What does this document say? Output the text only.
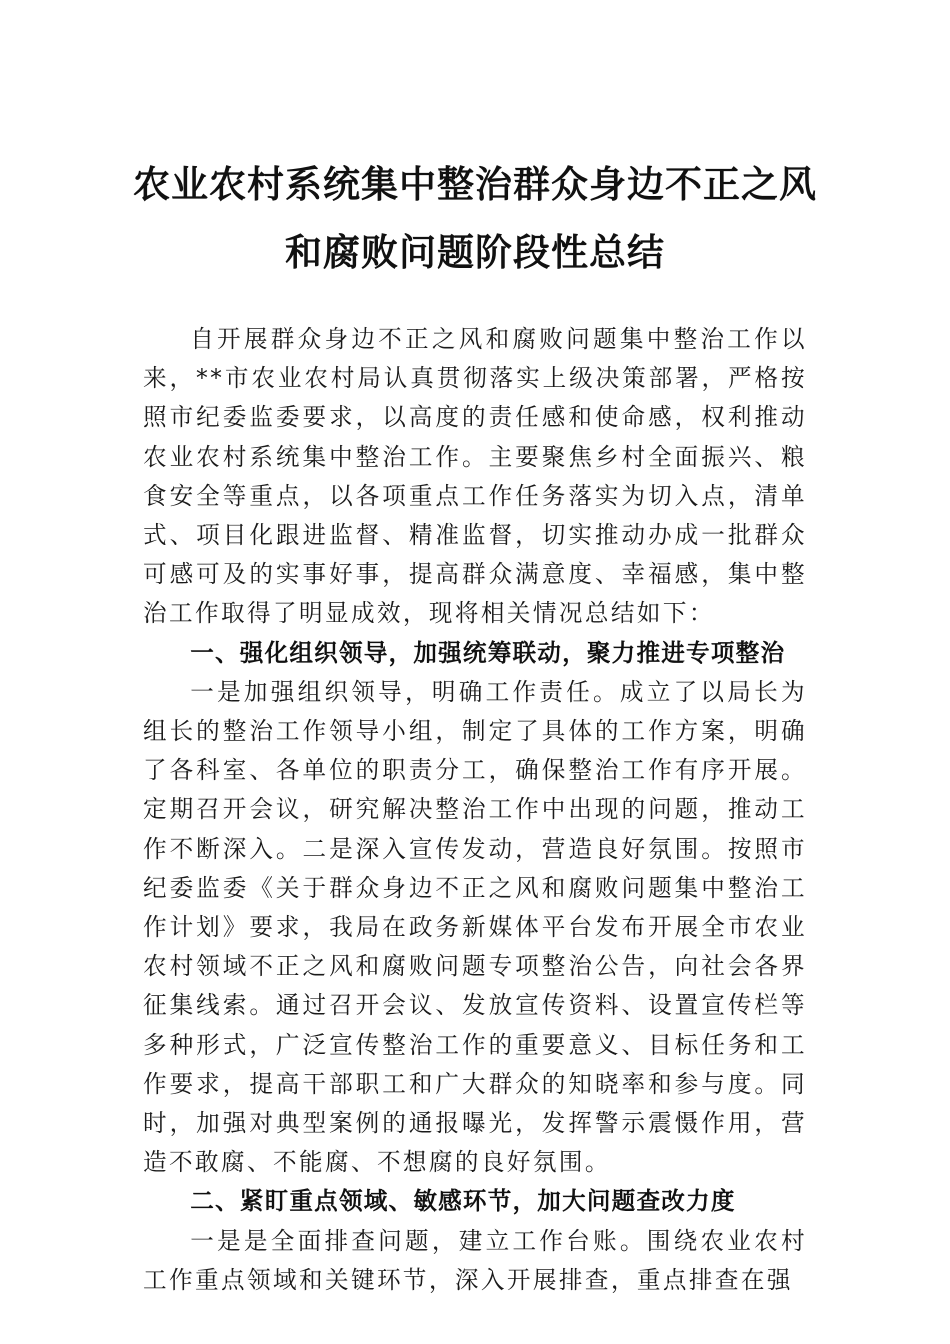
农业农村系统集中整治群众身边不正之风
和腐败问题阶段性总结

自开展群众身边不正之风和腐败问题集中整治工作以来，**市农业农村局认真贯彻落实上级决策部署，严格按照市纪委监委要求，以高度的责任感和使命感，权利推动农业农村系统集中整治工作。主要聚焦乡村全面振兴、粮食安全等重点，以各项重点工作任务落实为切入点，清单式、项目化跟进监督、精准监督，切实推动办成一批群众可感可及的实事好事，提高群众满意度、幸福感，集中整治工作取得了明显成效，现将相关情况总结如下：

一、强化组织领导，加强统筹联动，聚力推进专项整治

一是加强组织领导，明确工作责任。成立了以局长为组长的整治工作领导小组，制定了具体的工作方案，明确了各科室、各单位的职责分工，确保整治工作有序开展。定期召开会议，研究解决整治工作中出现的问题，推动工作不断深入。二是深入宣传发动，营造良好氛围。按照市纪委监委《关于群众身边不正之风和腐败问题集中整治工作计划》要求，我局在政务新媒体平台发布开展全市农业农村领域不正之风和腐败问题专项整治公告，向社会各界征集线索。通过召开会议、发放宣传资料、设置宣传栏等多种形式，广泛宣传整治工作的重要意义、目标任务和工作要求，提高干部职工和广大群众的知晓率和参与度。同时，加强对典型案例的通报曝光，发挥警示震慑作用，营造不敢腐、不能腐、不想腐的良好氛围。

二、紧盯重点领域、敏感环节，加大问题查改力度

一是是全面排查问题，建立工作台账。围绕农业农村工作重点领域和关键环节，深入开展排查，重点排查在强
